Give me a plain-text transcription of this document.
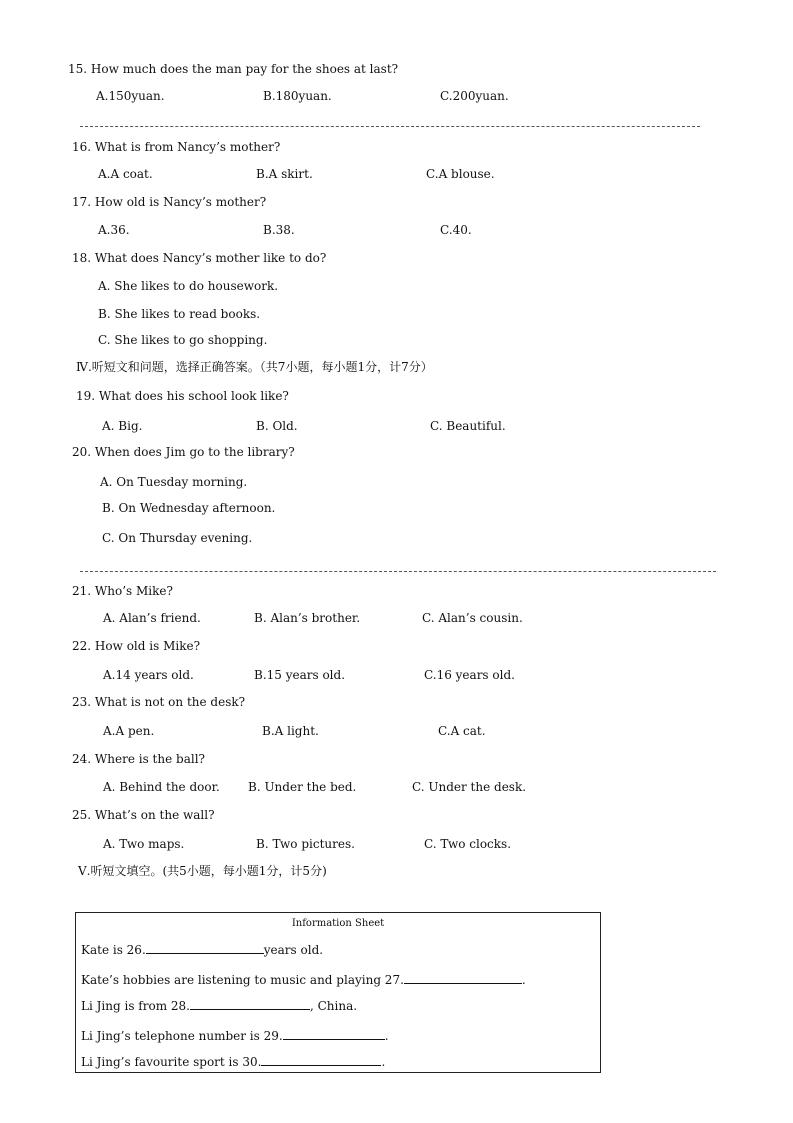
15. How much does the man pay for the shoes at last?
A.150yuan.	B.180yuan.	C.200yuan.
16. What is from Nancy’s mother?
A.A coat.	B.A skirt.	C.A blouse.
17. How old is Nancy’s mother?
A.36.	B.38.	C.40.
18. What does Nancy’s mother like to do?
A. She likes to do housework.
B. She likes to read books.
C. She likes to go shopping.
Ⅳ.听短文和问题，选择正确答案。（共7小题，每小题1分，计7分）
19. What does his school look like?
A. Big.	B. Old.	C. Beautiful.
20. When does Jim go to the library?
A. On Tuesday morning.
B. On Wednesday afternoon.
C. On Thursday evening.
21. Who’s Mike?
A. Alan’s friend.	B. Alan’s brother.	C. Alan’s cousin.
22. How old is Mike?
A.14 years old.	B.15 years old.	C.16 years old.
23. What is not on the desk?
A.A pen.	B.A light.	C.A cat.
24. Where is the ball?
A. Behind the door. B. Under the bed.	C. Under the desk.
25. What’s on the wall?
A. Two maps.	B. Two pictures.	C. Two clocks.
Ⅴ.听短文填空。(共5小题，每小题1分，计5分)
Information Sheet
Kate is 26.	years old.
Kate’s hobbies are listening to music and playing 27.	.
Li Jing is from 28.	, China.
Li Jing’s telephone number is 29.	.
Li Jing’s favourite sport is 30.	.
